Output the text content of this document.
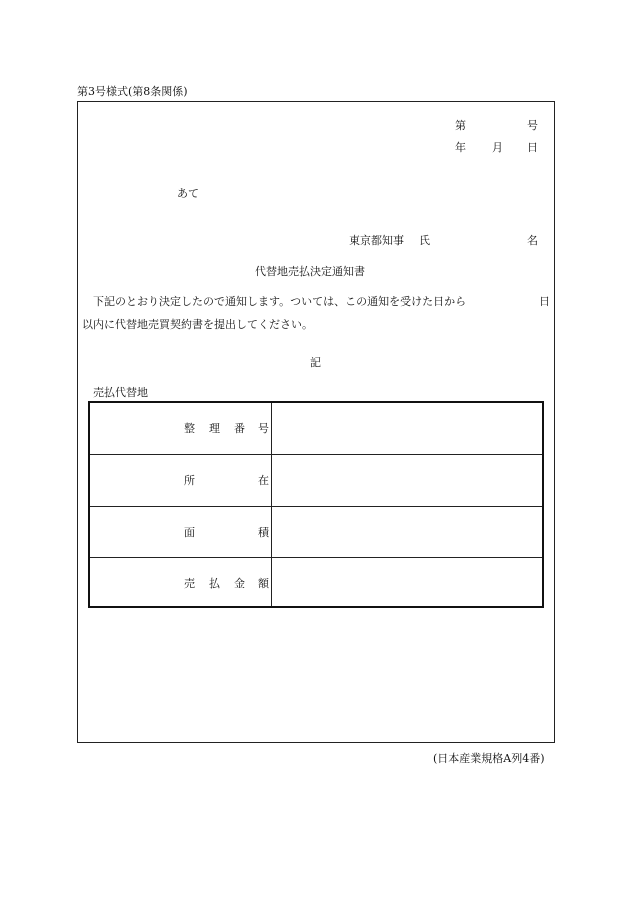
第3号様式(第8条関係)
第	号
年 月 日
あて
東京都知事 氏	名
代替地売払決定通知書
下記のとおり決定したので通知します。ついては、この通知を受けた日から	日
以内に代替地売買契約書を提出してください。
記
売払代替地
整 理 番 号
所	在
面	積
売 払 金 額
(日本産業規格A列4番)
